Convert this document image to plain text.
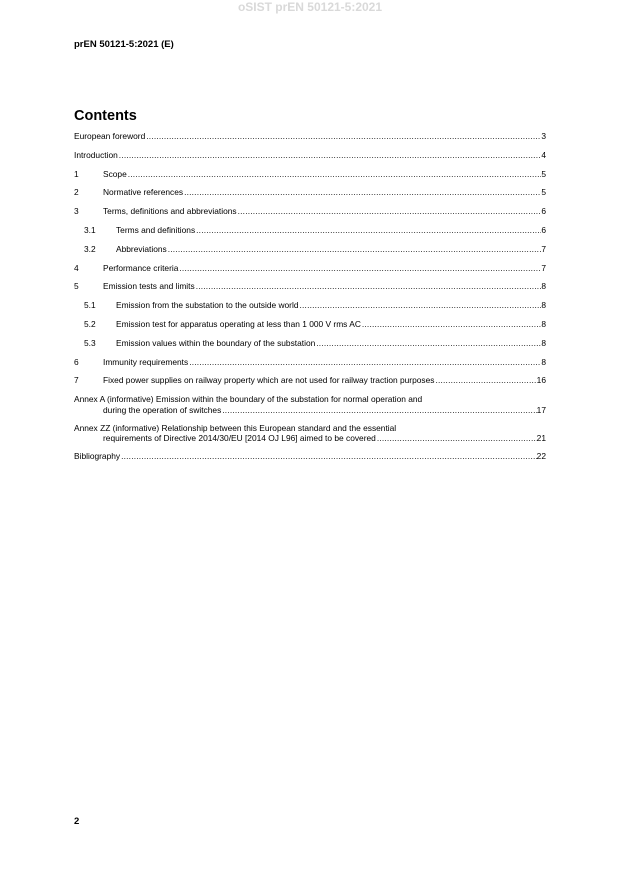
oSIST prEN 50121-5:2021
prEN 50121-5:2021 (E)
Contents
European foreword .....	3
Introduction .....	4
1	Scope .....	5
2	Normative references .....	5
3	Terms, definitions and abbreviations .....	6
3.1	Terms and definitions .....	6
3.2	Abbreviations .....	7
4	Performance criteria .....	7
5	Emission tests and limits .....	8
5.1	Emission from the substation to the outside world .....	8
5.2	Emission test for apparatus operating at less than 1 000 V rms AC .....	8
5.3	Emission values within the boundary of the substation .....	8
6	Immunity requirements .....	8
7	Fixed power supplies on railway property which are not used for railway traction purposes .....	16
Annex A (informative) Emission within the boundary of the substation for normal operation and
during the operation of switches .....	17
Annex ZZ (informative) Relationship between this European standard and the essential
requirements of Directive 2014/30/EU [2014 OJ L96] aimed to be covered .....	21
Bibliography .....	22
2
